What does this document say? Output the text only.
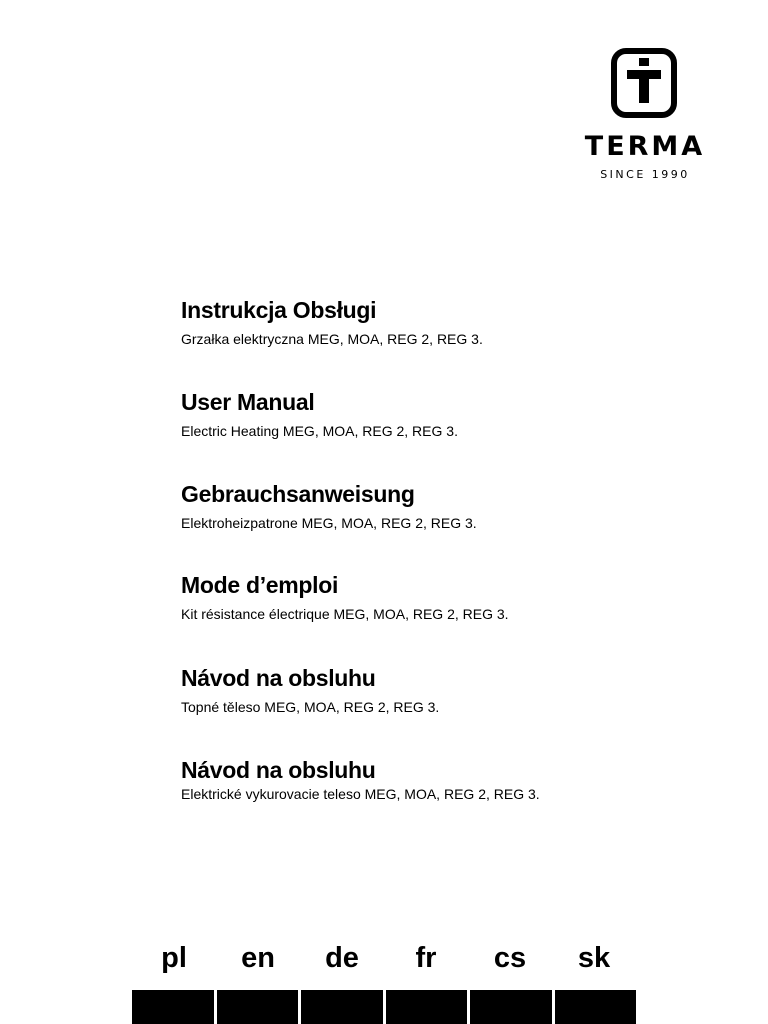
TERMA
SINCE 1990
Instrukcja Obsługi
Grzałka elektryczna MEG, MOA, REG 2, REG 3.
User Manual
Electric Heating MEG, MOA, REG 2, REG 3.
Gebrauchsanweisung
Elektroheizpatrone MEG, MOA, REG 2, REG 3.
Mode d’emploi
Kit résistance électrique MEG, MOA, REG 2, REG 3.
Návod na obsluhu
Topné těleso MEG, MOA, REG 2, REG 3.
Návod na obsluhu
Elektrické vykurovacie teleso MEG, MOA, REG 2, REG 3.
pl	en	de	fr	cs	sk
